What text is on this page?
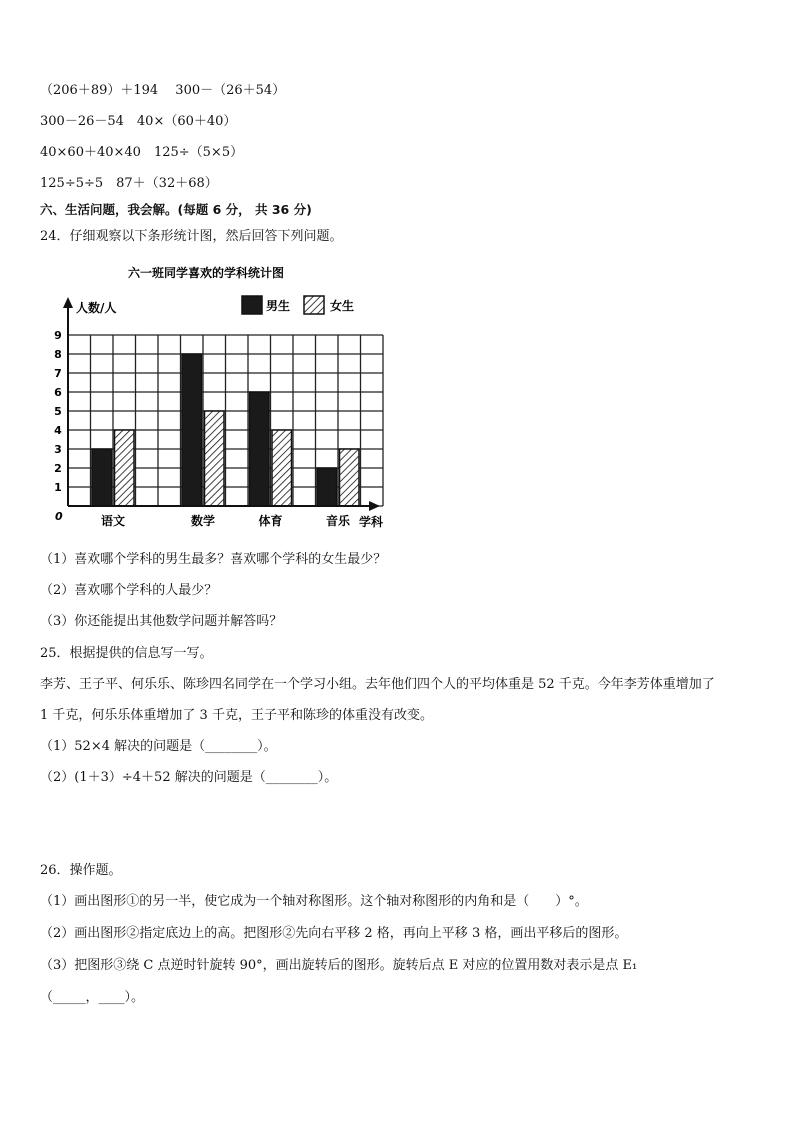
（206＋89）＋194　 300－（26＋54）
300－26－54　40×（60＋40）
40×60＋40×40　125÷（5×5）
125÷5÷5　87＋（32＋68）
六、生活问题，我会解。(每题 6 分， 共 36 分)
24．仔细观察以下条形统计图，然后回答下列问题。
六一班同学喜欢的学科统计图
人数/人
学科
0
男生	女生
1
2
3
4
5
6
7
8
9
语文	数学	体育	音乐
（1）喜欢哪个学科的男生最多？喜欢哪个学科的女生最少？
（2）喜欢哪个学科的人最少？
（3）你还能提出其他数学问题并解答吗？
25．根据提供的信息写一写。
李芳、王子平、何乐乐、陈珍四名同学在一个学习小组。去年他们四个人的平均体重是 52 千克。今年李芳体重增加了
1 千克，何乐乐体重增加了 3 千克，王子平和陈珍的体重没有改变。
（1）52×4 解决的问题是（________）。
（2）(1＋3）÷4＋52 解决的问题是（________）。
26．操作题。
（1）画出图形①的另一半，使它成为一个轴对称图形。这个轴对称图形的内角和是（　　）°。
（2）画出图形②指定底边上的高。把图形②先向右平移 2 格，再向上平移 3 格，画出平移后的图形。
（3）把图形③绕 C 点逆时针旋转 90°，画出旋转后的图形。旋转后点 E 对应的位置用数对表示是点 E₁
（_____，____）。
